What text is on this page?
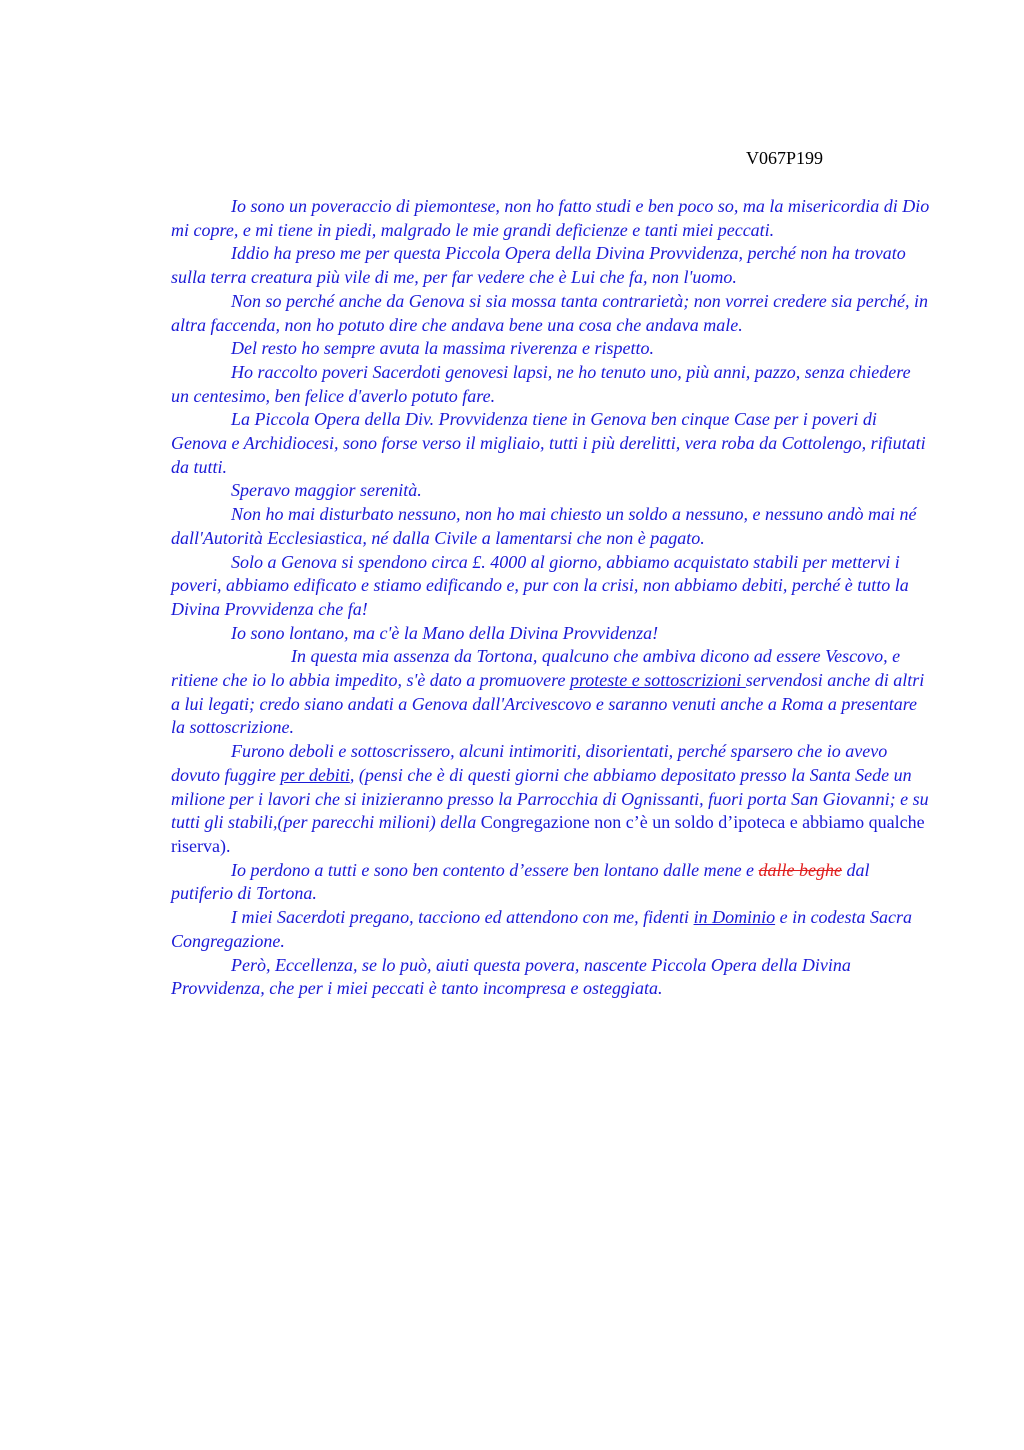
V067P199

Io sono un poveraccio di piemontese, non ho fatto studi e ben poco so, ma la misericordia di Dio mi copre, e mi tiene in piedi, malgrado le mie grandi deficienze e tanti miei peccati.

Iddio ha preso me per questa Piccola Opera della Divina Provvidenza, perché non ha trovato sulla terra creatura più vile di me, per far vedere che è Lui che fa, non l'uomo.

Non so perché anche da Genova si sia mossa tanta contrarietà; non vorrei credere sia perché, in altra faccenda, non ho potuto dire che andava bene una cosa che andava male.

Del resto ho sempre avuta la massima riverenza e rispetto.

Ho raccolto poveri Sacerdoti genovesi lapsi, ne ho tenuto uno, più anni, pazzo, senza chiedere un centesimo, ben felice d'averlo potuto fare.

La Piccola Opera della Div. Provvidenza tiene in Genova ben cinque Case per i poveri di Genova e Archidiocesi, sono forse verso il migliaio, tutti i più derelitti, vera roba da Cottolengo, rifiutati da tutti.

Speravo maggior serenità.

Non ho mai disturbato nessuno, non ho mai chiesto un soldo a nessuno, e nessuno andò mai né dall'Autorità Ecclesiastica, né dalla Civile a lamentarsi che non è pagato.

Solo a Genova si spendono circa £. 4000 al giorno, abbiamo acquistato stabili per mettervi i poveri, abbiamo edificato e stiamo edificando e, pur con la crisi, non abbiamo debiti, perché è tutto la Divina Provvidenza che fa!

Io sono lontano, ma c'è la Mano della Divina Provvidenza!

In questa mia assenza da Tortona, qualcuno che ambiva dicono ad essere Vescovo, e ritiene che io lo abbia impedito, s'è dato a promuovere proteste e sottoscrizioni servendosi anche di altri a lui legati; credo siano andati a Genova dall'Arcivescovo e saranno venuti anche a Roma a presentare la sottoscrizione.

Furono deboli e sottoscrissero, alcuni intimoriti, disorientati, perché sparsero che io avevo dovuto fuggire per debiti, (pensi che è di questi giorni che abbiamo depositato presso la Santa Sede un milione per i lavori che si inizieranno presso la Parrocchia di Ognissanti, fuori porta San Giovanni; e su tutti gli stabili,(per parecchi milioni) della Congregazione non c’è un soldo d’ipoteca e abbiamo qualche riserva).

Io perdono a tutti e sono ben contento d’essere ben lontano dalle mene e dalle beghe dal putiferio di Tortona.

I miei Sacerdoti pregano, tacciono ed attendono con me, fidenti in Dominio e in codesta Sacra Congregazione.

Però, Eccellenza, se lo può, aiuti questa povera, nascente Piccola Opera della Divina Provvidenza, che per i miei peccati è tanto incompresa e osteggiata.
